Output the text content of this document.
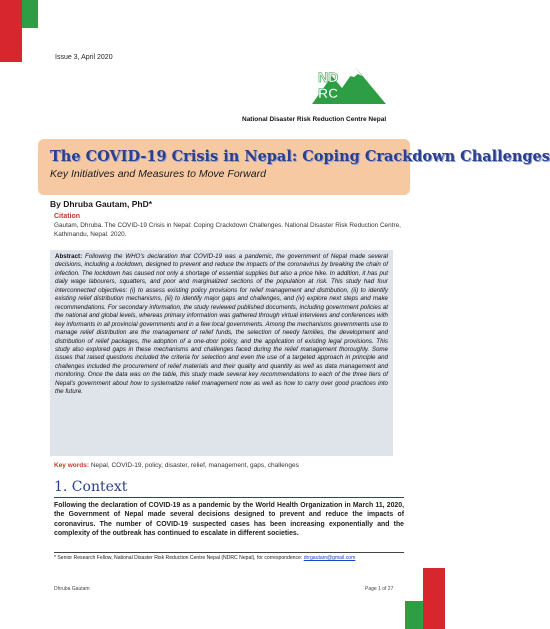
Issue 3, April 2020
ND
RC
National Disaster Risk Reduction Centre Nepal
The COVID-19 Crisis in Nepal: Coping Crackdown Challenges
Key Initiatives and Measures to Move Forward
By Dhruba Gautam, PhD*
Citation
Gautam, Dhruba. The COVID-19 Crisis in Nepal: Coping Crackdown Challenges. National Disaster Risk Reduction Centre, Kathmandu, Nepal. 2020.

Abstract: Following the WHO's declaration that COVID-19 was a pandemic, the government of Nepal made several decisions, including a lockdown, designed to prevent and reduce the impacts of the coronavirus by breaking the chain of infection. The lockdown has caused not only a shortage of essential supplies but also a price hike. In addition, it has put daily wage labourers, squatters, and poor and marginalized sections of the population at risk. This study had four interconnected objectives: (i) to assess existing policy provisions for relief management and distribution, (ii) to identify existing relief distribution mechanisms, (iii) to identify major gaps and challenges, and (iv) explore next steps and make recommendations. For secondary information, the study reviewed published documents, including government policies at the national and global levels, whereas primary information was gathered through virtual interviews and conferences with key informants in all provincial governments and in a few local governments. Among the mechanisms governments use to manage relief distribution are the management of relief funds, the selection of needy families, the development and distribution of relief packages, the adoption of a one-door policy, and the application of existing legal provisions. This study also explored gaps in these mechanisms and challenges faced during the relief management thoroughly. Some issues that raised questions included the criteria for selection and even the use of a targeted approach in principle and challenges included the procurement of relief materials and their quality and quantity as well as data management and monitoring. Once the data was on the table, this study made several key recommendations to each of the three tiers of Nepal's government about how to systematize relief management now as well as how to carry over good practices into the future.

Key words: Nepal, COVID-19, policy, disaster, relief, management, gaps, challenges
1. Context

Following the declaration of COVID-19 as a pandemic by the World Health Organization in March 11, 2020, the Government of Nepal made several decisions designed to prevent and reduce the impacts of coronavirus. The number of COVID-19 suspected cases has been increasing exponentially and the complexity of the outbreak has continued to escalate in different societies.

* Senior Research Fellow, National Disaster Risk Reduction Centre Nepal (NDRC Nepal), for correspondence: drrgautam@gmail.com
Dhruba Gautam	Page 1 of 27
